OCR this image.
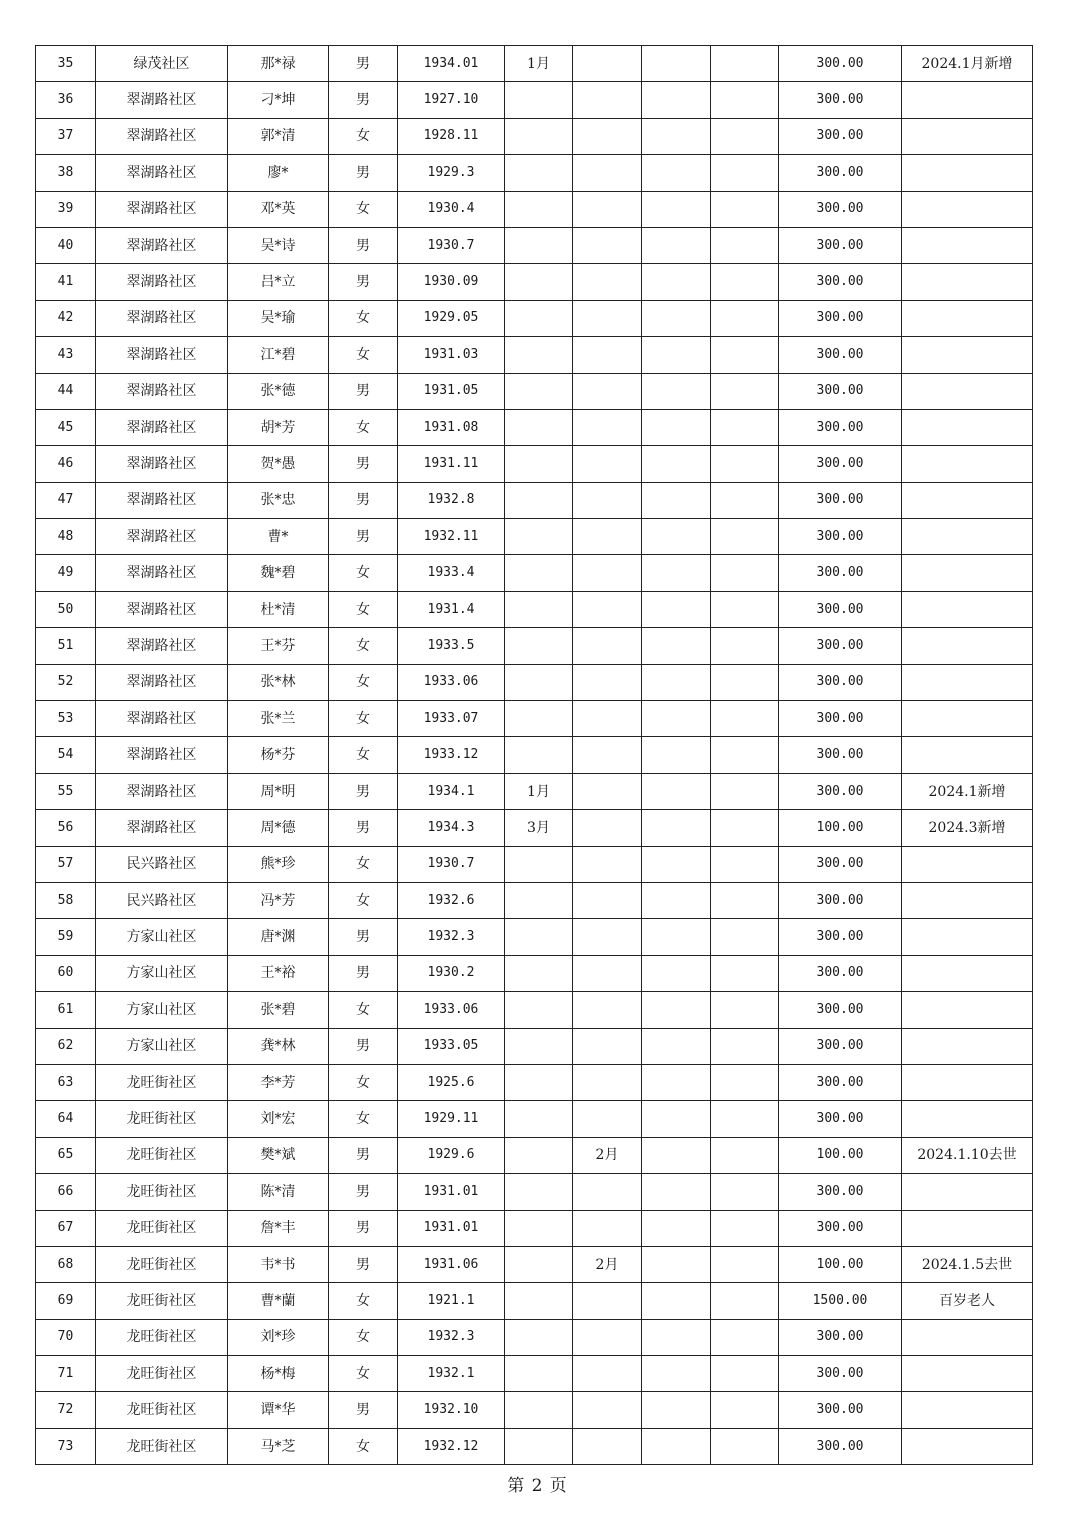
35	绿茂社区	那*禄	男	1934.01	1月				300.00	2024.1月新增
36	翠湖路社区	刁*坤	男	1927.10					300.00	
37	翠湖路社区	郭*清	女	1928.11					300.00	
38	翠湖路社区	廖*	男	1929.3					300.00	
39	翠湖路社区	邓*英	女	1930.4					300.00	
40	翠湖路社区	吴*诗	男	1930.7					300.00	
41	翠湖路社区	吕*立	男	1930.09					300.00	
42	翠湖路社区	吴*瑜	女	1929.05					300.00	
43	翠湖路社区	江*碧	女	1931.03					300.00	
44	翠湖路社区	张*德	男	1931.05					300.00	
45	翠湖路社区	胡*芳	女	1931.08					300.00	
46	翠湖路社区	贺*愚	男	1931.11					300.00	
47	翠湖路社区	张*忠	男	1932.8					300.00	
48	翠湖路社区	曹*	男	1932.11					300.00	
49	翠湖路社区	魏*碧	女	1933.4					300.00	
50	翠湖路社区	杜*清	女	1931.4					300.00	
51	翠湖路社区	王*芬	女	1933.5					300.00	
52	翠湖路社区	张*林	女	1933.06					300.00	
53	翠湖路社区	张*兰	女	1933.07					300.00	
54	翠湖路社区	杨*芬	女	1933.12					300.00	
55	翠湖路社区	周*明	男	1934.1	1月				300.00	2024.1新增
56	翠湖路社区	周*德	男	1934.3	3月				100.00	2024.3新增
57	民兴路社区	熊*珍	女	1930.7					300.00	
58	民兴路社区	冯*芳	女	1932.6					300.00	
59	方家山社区	唐*渊	男	1932.3					300.00	
60	方家山社区	王*裕	男	1930.2					300.00	
61	方家山社区	张*碧	女	1933.06					300.00	
62	方家山社区	龚*林	男	1933.05					300.00	
63	龙旺街社区	李*芳	女	1925.6					300.00	
64	龙旺街社区	刘*宏	女	1929.11					300.00	
65	龙旺街社区	樊*斌	男	1929.6		2月			100.00	2024.1.10去世
66	龙旺街社区	陈*清	男	1931.01					300.00	
67	龙旺街社区	詹*丰	男	1931.01					300.00	
68	龙旺街社区	韦*书	男	1931.06		2月			100.00	2024.1.5去世
69	龙旺街社区	曹*蘭	女	1921.1					1500.00	百岁老人
70	龙旺街社区	刘*珍	女	1932.3					300.00	
71	龙旺街社区	杨*梅	女	1932.1					300.00	
72	龙旺街社区	谭*华	男	1932.10					300.00	
73	龙旺街社区	马*芝	女	1932.12					300.00	
第 2 页
